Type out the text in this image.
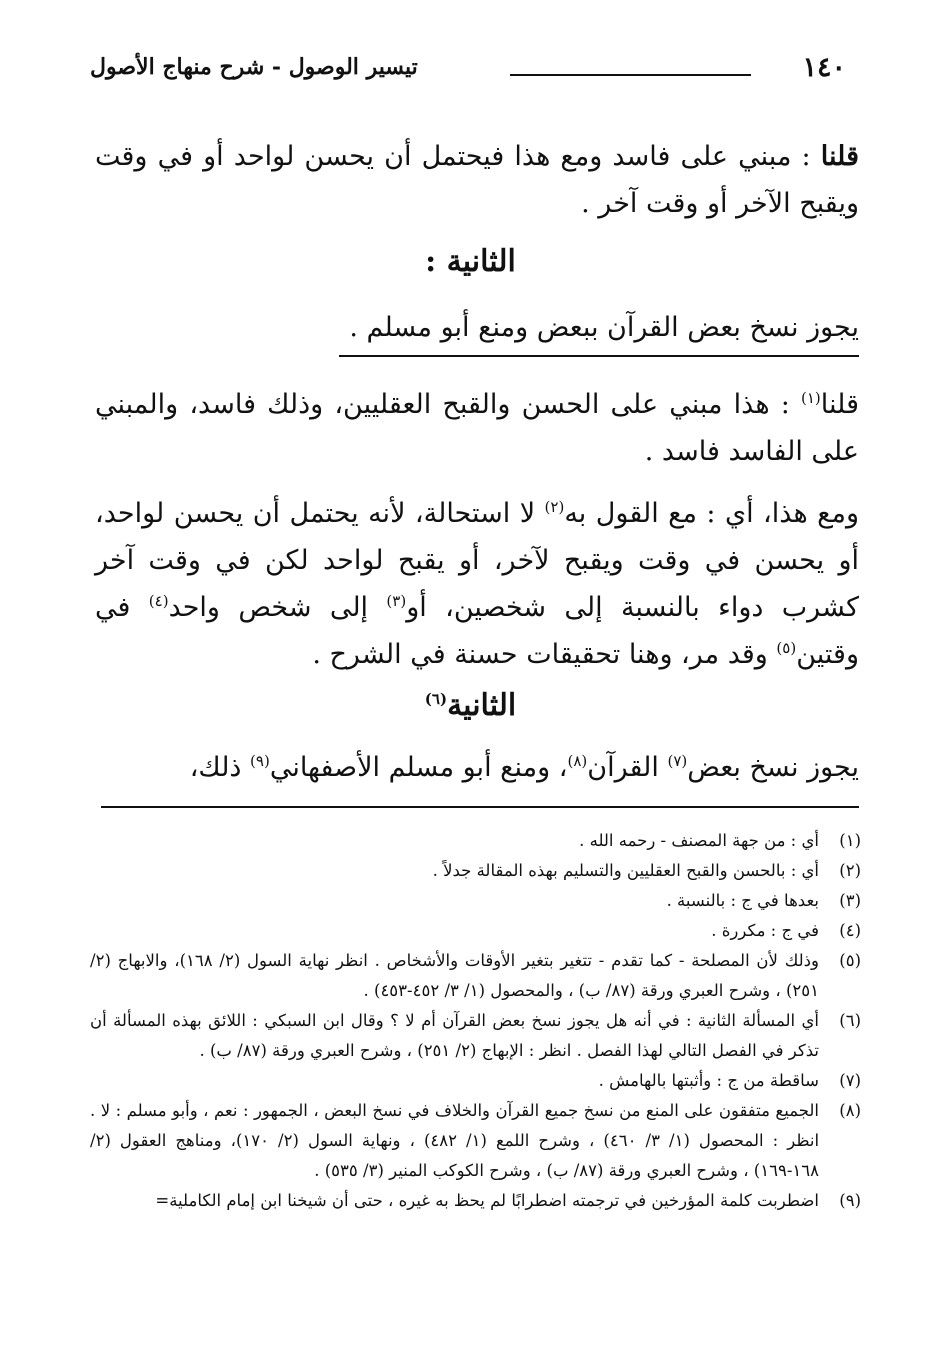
١٤٠
تيسير الوصول - شرح منهاج الأصول
قلنا : مبني على فاسد ومع هذا فيحتمل أن يحسن لواحد أو في وقت ويقبح الآخر أو وقت آخر .
الثانية :
يجوز نسخ بعض القرآن ببعض ومنع أبو مسلم .
قلنا$^{(١)}$ : هذا مبني على الحسن والقبح العقليين، وذلك فاسد، والمبني على الفاسد فاسد .
ومع هذا، أي : مع القول به$^{(٢)}$ لا استحالة، لأنه يحتمل أن يحسن لواحد، أو يحسن في وقت ويقبح لآخر، أو يقبح لواحد لكن في وقت آخر كشرب دواء بالنسبة إلى شخصين، أو$^{(٣)}$ إلى شخص واحد$^{(٤)}$ في وقتين$^{(٥)}$ وقد مر، وهنا تحقيقات حسنة في الشرح .
الثانية$^{(٦)}$
يجوز نسخ بعض$^{(٧)}$ القرآن$^{(٨)}$، ومنع أبو مسلم الأصفهاني$^{(٩)}$ ذلك،
(١)
أي : من جهة المصنف - رحمه الله .
(٢)
أي : بالحسن والقبح العقليين والتسليم بهذه المقالة جدلاً .
(٣)
بعدها في ج : بالنسبة .
(٤)
في ج : مكررة .
(٥)
وذلك لأن المصلحة - كما تقدم - تتغير بتغير الأوقات والأشخاص . انظر نهاية السول (٢/ ١٦٨)، والابهاج (٢/ ٢٥١) ، وشرح العبري ورقة (٨٧/ ب) ، والمحصول (١/ ٣/ ٤٥٢-٤٥٣) .
(٦)
أي المسألة الثانية : في أنه هل يجوز نسخ بعض القرآن أم لا ؟ وقال ابن السبكي : اللائق بهذه المسألة أن تذكر في الفصل التالي لهذا الفصل . انظر : الإبهاج (٢/ ٢٥١) ، وشرح العبري ورقة (٨٧/ ب) .
(٧)
ساقطة من ج : وأثبتها بالهامش .
(٨)
الجميع متفقون على المنع من نسخ جميع القرآن والخلاف في نسخ البعض ، الجمهور : نعم ، وأبو مسلم : لا . انظر : المحصول (١/ ٣/ ٤٦٠) ، وشرح اللمع (١/ ٤٨٢) ، ونهاية السول (٢/ ١٧٠)، ومناهج العقول (٢/ ١٦٨-١٦٩) ، وشرح العبري ورقة (٨٧/ ب) ، وشرح الكوكب المنير (٣/ ٥٣٥) .
(٩)
اضطربت كلمة المؤرخين في ترجمته اضطرابًا لم يحظ به غيره ، حتى أن شيخنا ابن إمام الكاملية=
